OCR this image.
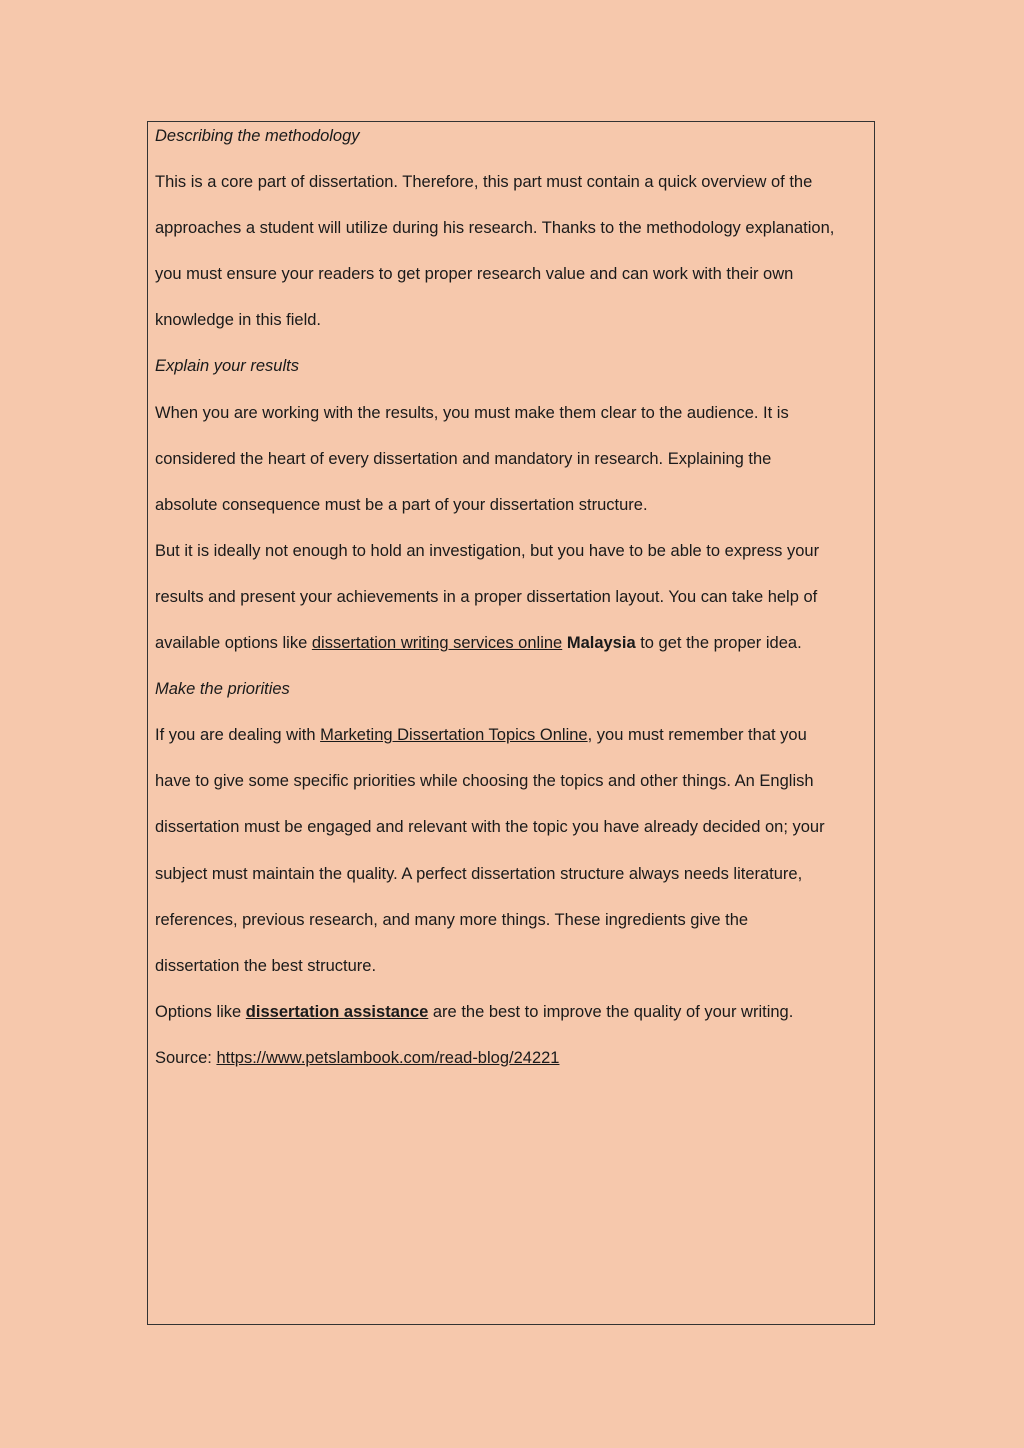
Describing the methodology
This is a core part of dissertation. Therefore, this part must contain a quick overview of the
approaches a student will utilize during his research. Thanks to the methodology explanation,
you must ensure your readers to get proper research value and can work with their own
knowledge in this field.
Explain your results
When you are working with the results, you must make them clear to the audience. It is
considered the heart of every dissertation and mandatory in research. Explaining the
absolute consequence must be a part of your dissertation structure.
But it is ideally not enough to hold an investigation, but you have to be able to express your
results and present your achievements in a proper dissertation layout. You can take help of
available options like dissertation writing services online Malaysia to get the proper idea.
Make the priorities
If you are dealing with Marketing Dissertation Topics Online, you must remember that you
have to give some specific priorities while choosing the topics and other things. An English
dissertation must be engaged and relevant with the topic you have already decided on; your
subject must maintain the quality. A perfect dissertation structure always needs literature,
references, previous research, and many more things. These ingredients give the
dissertation the best structure.
Options like dissertation assistance are the best to improve the quality of your writing.
Source: https://www.petslambook.com/read-blog/24221
